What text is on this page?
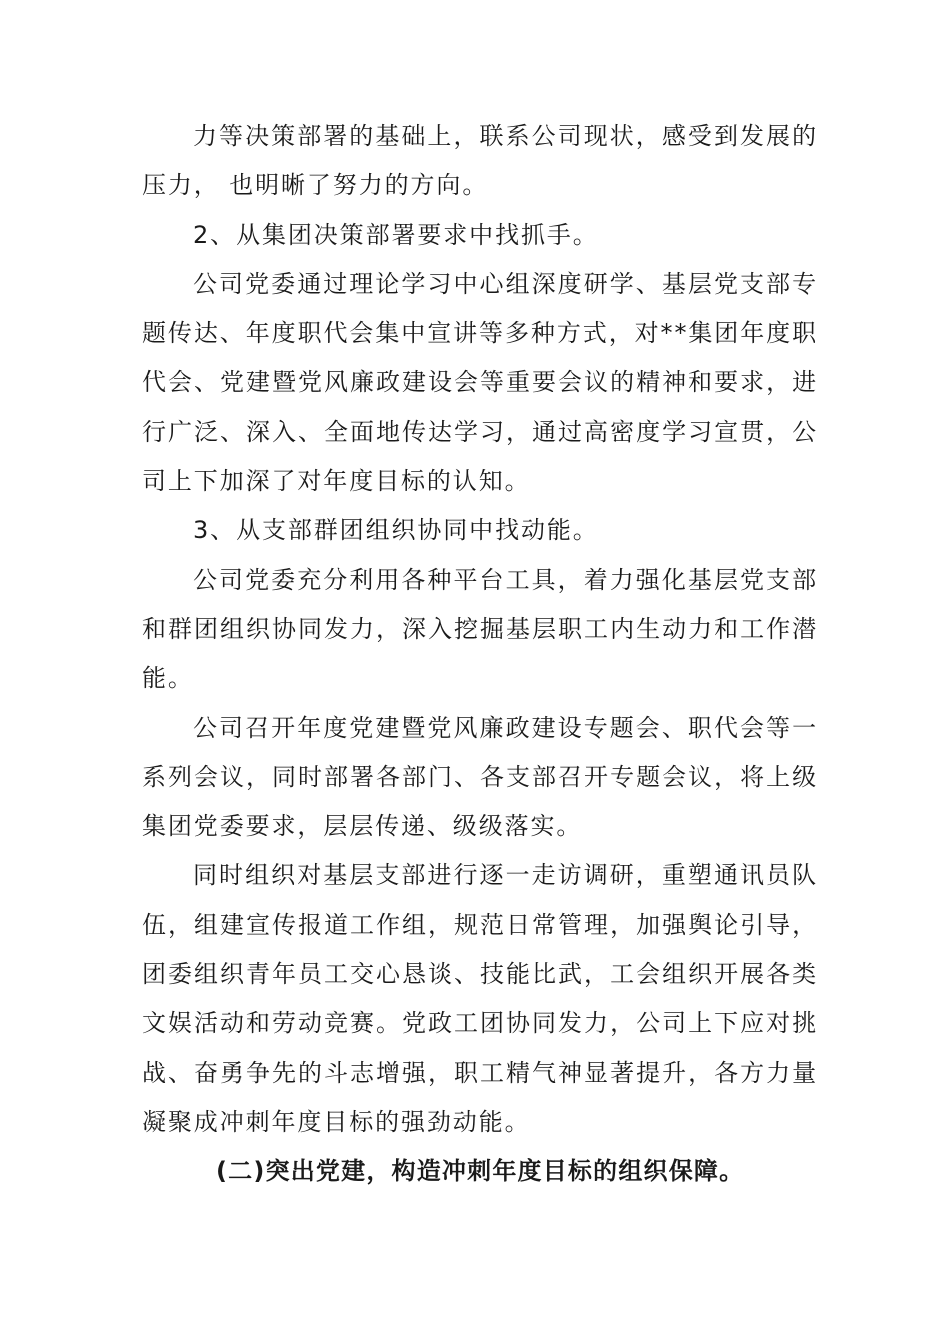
力等决策部署的基础上，联系公司现状，感受到发展的压力， 也明晰了努力的方向。

2、从集团决策部署要求中找抓手。

公司党委通过理论学习中心组深度研学、基层党支部专题传达、年度职代会集中宣讲等多种方式，对**集团年度职代会、党建暨党风廉政建设会等重要会议的精神和要求，进行广泛、深入、全面地传达学习，通过高密度学习宣贯，公司上下加深了对年度目标的认知。

3、从支部群团组织协同中找动能。

公司党委充分利用各种平台工具，着力强化基层党支部和群团组织协同发力，深入挖掘基层职工内生动力和工作潜能。

公司召开年度党建暨党风廉政建设专题会、职代会等一系列会议，同时部署各部门、各支部召开专题会议，将上级集团党委要求，层层传递、级级落实。

同时组织对基层支部进行逐一走访调研，重塑通讯员队伍，组建宣传报道工作组，规范日常管理，加强舆论引导，团委组织青年员工交心恳谈、技能比武，工会组织开展各类文娱活动和劳动竞赛。党政工团协同发力，公司上下应对挑战、奋勇争先的斗志增强，职工精气神显著提升，各方力量凝聚成冲刺年度目标的强劲动能。

(二)突出党建，构造冲刺年度目标的组织保障。
